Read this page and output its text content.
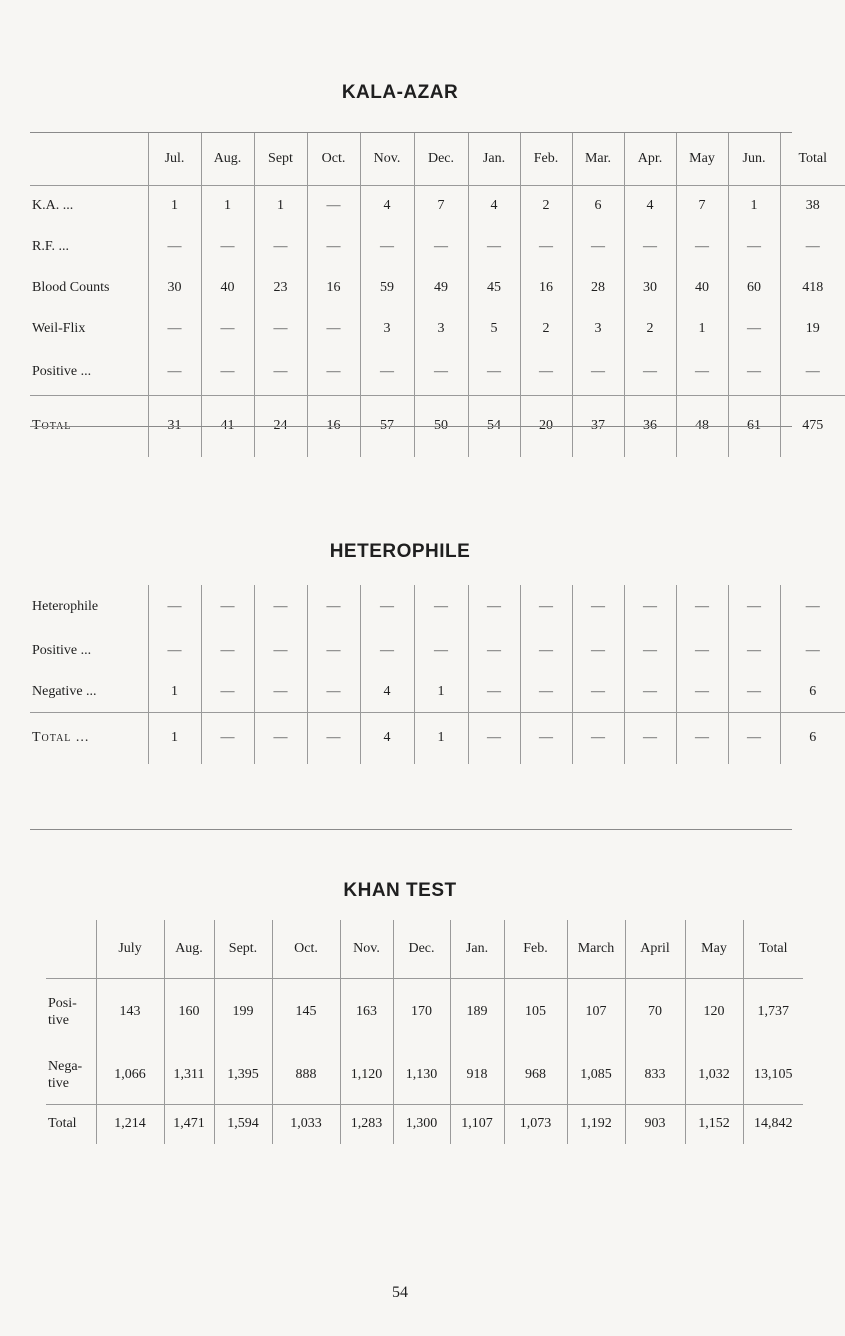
KALA-AZAR
	Jul.	Aug.	Sept	Oct.	Nov.	Dec.	Jan.	Feb.	Mar.	Apr.	May	Jun.	Total
K.A. ...	1	1	1	—	4	7	4	2	6	4	7	1	38
R.F. ...	—	—	—	—	—	—	—	—	—	—	—	—	—
Blood Counts	30	40	23	16	59	49	45	16	28	30	40	60	418
Weil-Flix	—	—	—	—	3	3	5	2	3	2	1	—	19
Positive ...	—	—	—	—	—	—	—	—	—	—	—	—	—
Total	31	41	24	16	57	50	54	20	37	36	48	61	475
HETEROPHILE
Heterophile	—	—	—	—	—	—	—	—	—	—	—	—	—
Positive ...	—	—	—	—	—	—	—	—	—	—	—	—	—
Negative ...	1	—	—	—	4	1	—	—	—	—	—	—	6
Total ...	1	—	—	—	4	1	—	—	—	—	—	—	6
KHAN TEST
	July	Aug.	Sept.	Oct.	Nov.	Dec.	Jan.	Feb.	March	April	May	Total
Posi-
tive	143	160	199	145	163	170	189	105	107	70	120	1,737
Nega-
tive	1,066	1,311	1,395	888	1,120	1,130	918	968	1,085	833	1,032	13,105
Total	1,214	1,471	1,594	1,033	1,283	1,300	1,107	1,073	1,192	903	1,152	14,842
54
